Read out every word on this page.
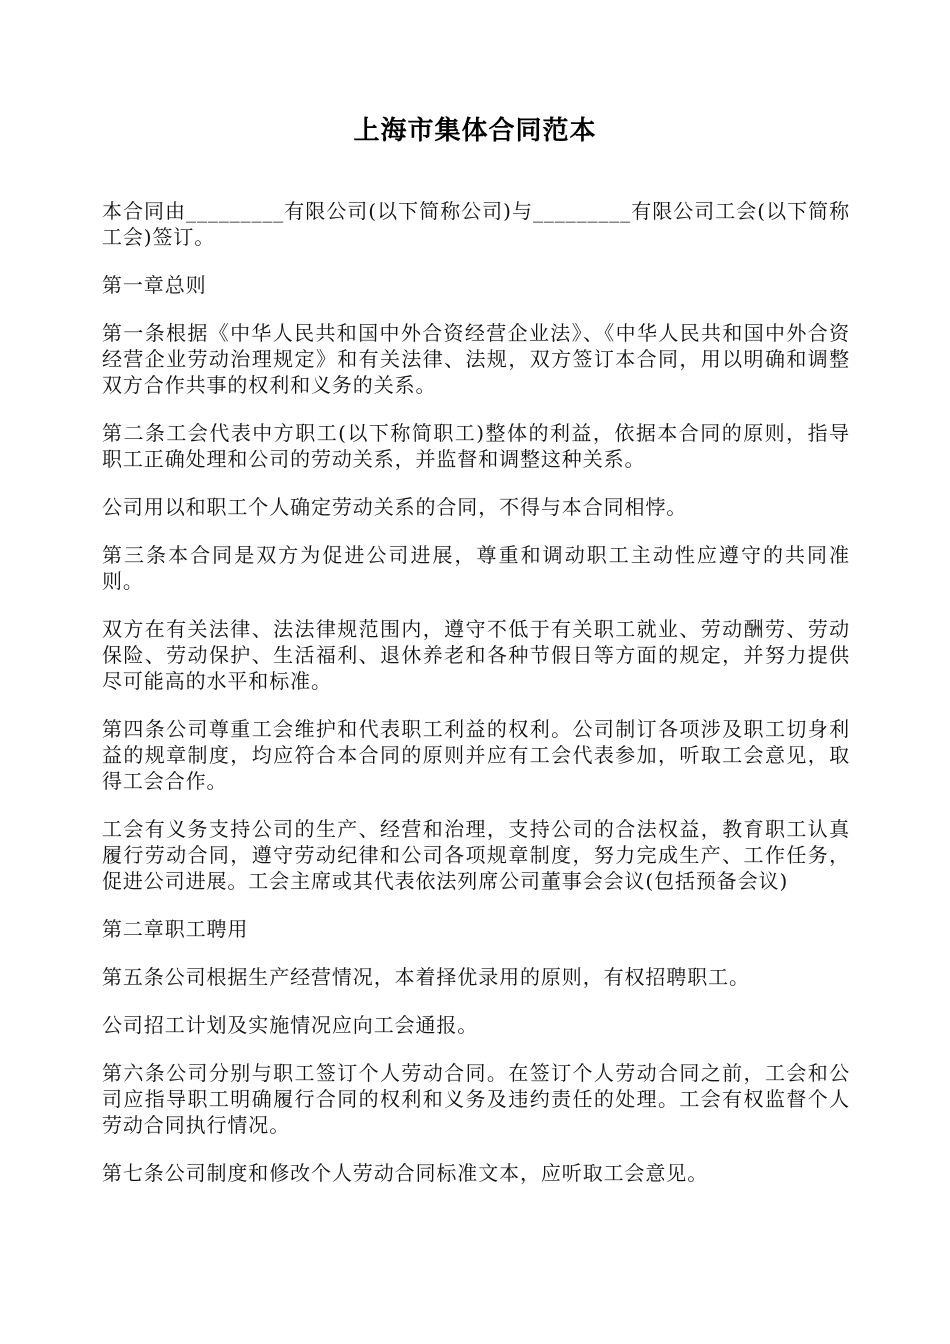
上海市集体合同范本

本合同由_________有限公司(以下简称公司)与_________有限公司工会(以下简称工会)签订。

第一章总则

第一条根据《中华人民共和国中外合资经营企业法》、《中华人民共和国中外合资经营企业劳动治理规定》和有关法律、法规，双方签订本合同，用以明确和调整双方合作共事的权利和义务的关系。

第二条工会代表中方职工(以下称简职工)整体的利益，依据本合同的原则，指导职工正确处理和公司的劳动关系，并监督和调整这种关系。

公司用以和职工个人确定劳动关系的合同，不得与本合同相悖。

第三条本合同是双方为促进公司进展，尊重和调动职工主动性应遵守的共同准则。

双方在有关法律、法法律规范围内，遵守不低于有关职工就业、劳动酬劳、劳动保险、劳动保护、生活福利、退休养老和各种节假日等方面的规定，并努力提供尽可能高的水平和标准。

第四条公司尊重工会维护和代表职工利益的权利。公司制订各项涉及职工切身利益的规章制度，均应符合本合同的原则并应有工会代表参加，听取工会意见，取得工会合作。

工会有义务支持公司的生产、经营和治理，支持公司的合法权益，教育职工认真履行劳动合同，遵守劳动纪律和公司各项规章制度，努力完成生产、工作任务，促进公司进展。工会主席或其代表依法列席公司董事会会议(包括预备会议)

第二章职工聘用

第五条公司根据生产经营情况，本着择优录用的原则，有权招聘职工。

公司招工计划及实施情况应向工会通报。

第六条公司分别与职工签订个人劳动合同。在签订个人劳动合同之前，工会和公司应指导职工明确履行合同的权利和义务及违约责任的处理。工会有权监督个人劳动合同执行情况。

第七条公司制度和修改个人劳动合同标准文本，应听取工会意见。
